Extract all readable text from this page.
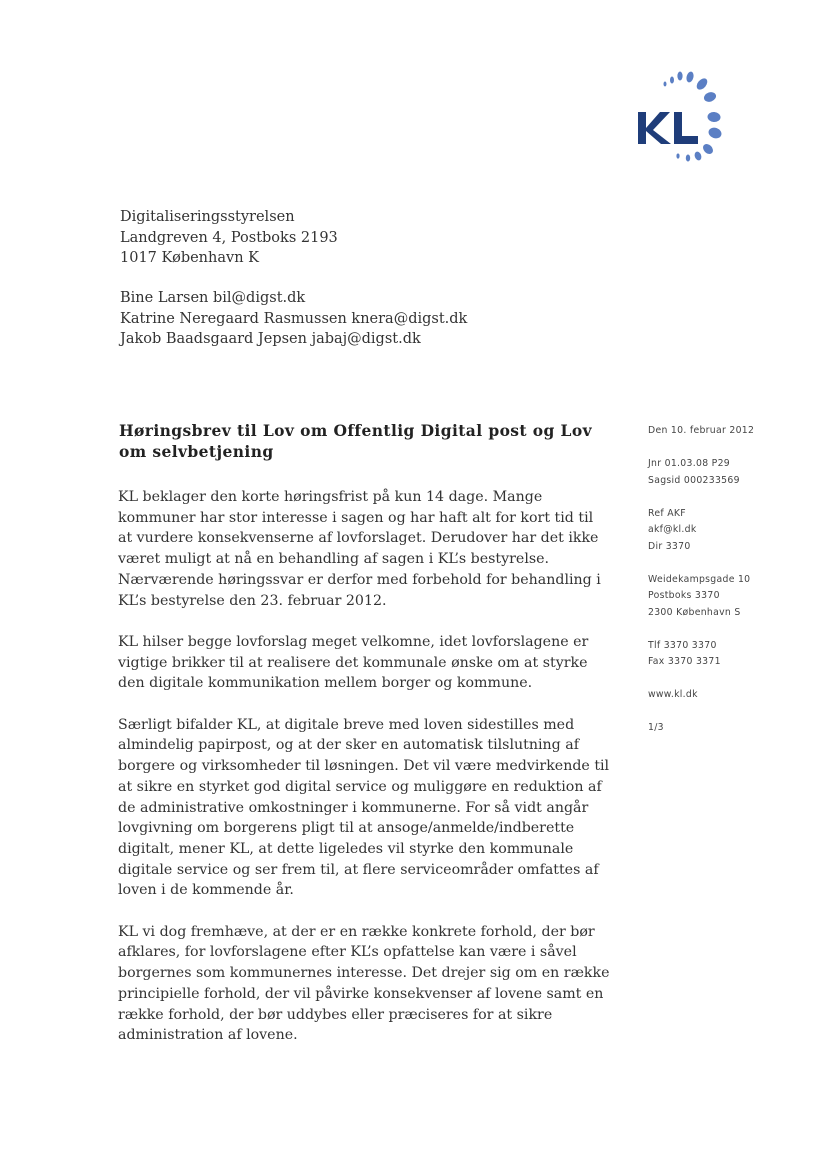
Digitaliseringsstyrelsen
Landgreven 4, Postboks 2193
1017 København K
Bine Larsen bil@digst.dk
Katrine Neregaard Rasmussen knera@digst.dk
Jakob Baadsgaard Jepsen jabaj@digst.dk
Høringsbrev til Lov om Offentlig Digital post og Lov om selvbetjening

KL beklager den korte høringsfrist på kun 14 dage. Mange kommuner har stor interesse i sagen og har haft alt for kort tid til at vurdere konsekvenserne af lovforslaget. Derudover har det ikke været muligt at nå en behandling af sagen i KL’s bestyrelse. Nærværende høringssvar er derfor med forbehold for behandling i KL’s bestyrelse den 23. februar 2012.

KL hilser begge lovforslag meget velkomne, idet lovforslagene er vigtige brikker til at realisere det kommunale ønske om at styrke den digitale kommunikation mellem borger og kommune.

Særligt bifalder KL, at digitale breve med loven sidestilles med almindelig papirpost, og at der sker en automatisk tilslutning af borgere og virksomheder til løsningen. Det vil være medvirkende til at sikre en styrket god digital service og muliggøre en reduktion af de administrative omkostninger i kommunerne. For så vidt angår lovgivning om borgerens pligt til at ansoge/anmelde/indberette digitalt, mener KL, at dette ligeledes vil styrke den kommunale digitale service og ser frem til, at flere serviceområder omfattes af loven i de kommende år.

KL vi dog fremhæve, at der er en række konkrete forhold, der bør afklares, for lovforslagene efter KL’s opfattelse kan være i såvel borgernes som kommunernes interesse. Det drejer sig om en række principielle forhold, der vil påvirke konsekvenser af lovene samt en række forhold, der bør uddybes eller præciseres for at sikre administration af lovene.

Den 10. februar 2012
Jnr 01.03.08 P29
Sagsid 000233569
Ref AKF
akf@kl.dk
Dir 3370
Weidekampsgade 10
Postboks 3370
2300 København S
Tlf 3370 3370
Fax 3370 3371
www.kl.dk
1/3
